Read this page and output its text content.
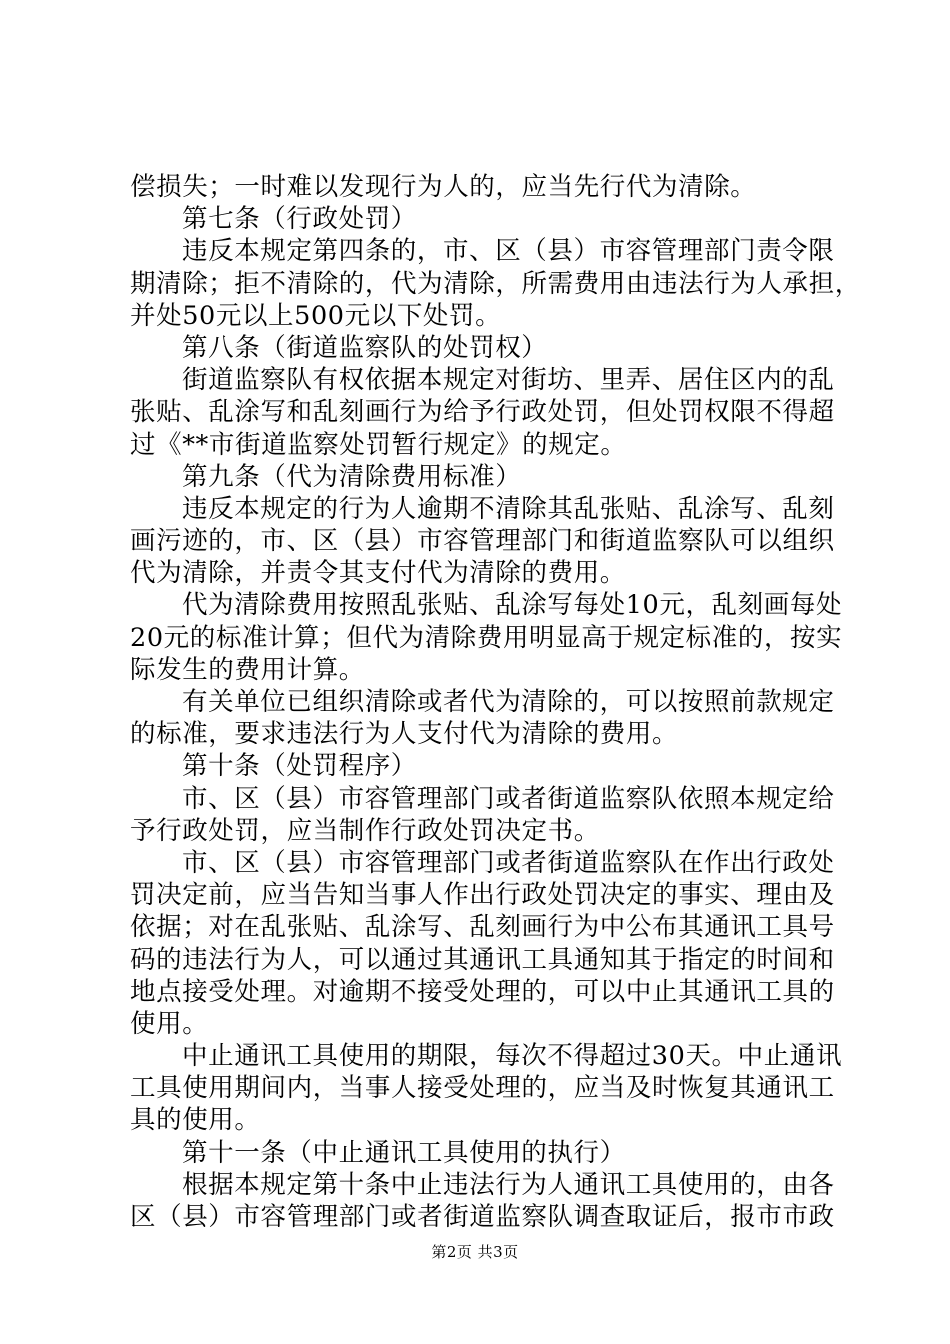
偿损失；一时难以发现行为人的，应当先行代为清除。
第七条（行政处罚）
违反本规定第四条的，市、区（县）市容管理部门责令限
期清除；拒不清除的，代为清除，所需费用由违法行为人承担，
并处50元以上500元以下处罚。
第八条（街道监察队的处罚权）
街道监察队有权依据本规定对街坊、里弄、居住区内的乱
张贴、乱涂写和乱刻画行为给予行政处罚，但处罚权限不得超
过《**市街道监察处罚暂行规定》的规定。
第九条（代为清除费用标准）
违反本规定的行为人逾期不清除其乱张贴、乱涂写、乱刻
画污迹的，市、区（县）市容管理部门和街道监察队可以组织
代为清除，并责令其支付代为清除的费用。
代为清除费用按照乱张贴、乱涂写每处10元，乱刻画每处
20元的标准计算；但代为清除费用明显高于规定标准的，按实
际发生的费用计算。
有关单位已组织清除或者代为清除的，可以按照前款规定
的标准，要求违法行为人支付代为清除的费用。
第十条（处罚程序）
市、区（县）市容管理部门或者街道监察队依照本规定给
予行政处罚，应当制作行政处罚决定书。
市、区（县）市容管理部门或者街道监察队在作出行政处
罚决定前，应当告知当事人作出行政处罚决定的事实、理由及
依据；对在乱张贴、乱涂写、乱刻画行为中公布其通讯工具号
码的违法行为人，可以通过其通讯工具通知其于指定的时间和
地点接受处理。对逾期不接受处理的，可以中止其通讯工具的
使用。
中止通讯工具使用的期限，每次不得超过30天。中止通讯
工具使用期间内，当事人接受处理的，应当及时恢复其通讯工
具的使用。
第十一条（中止通讯工具使用的执行）
根据本规定第十条中止违法行为人通讯工具使用的，由各
区（县）市容管理部门或者街道监察队调查取证后，报市市政
第2页 共3页
